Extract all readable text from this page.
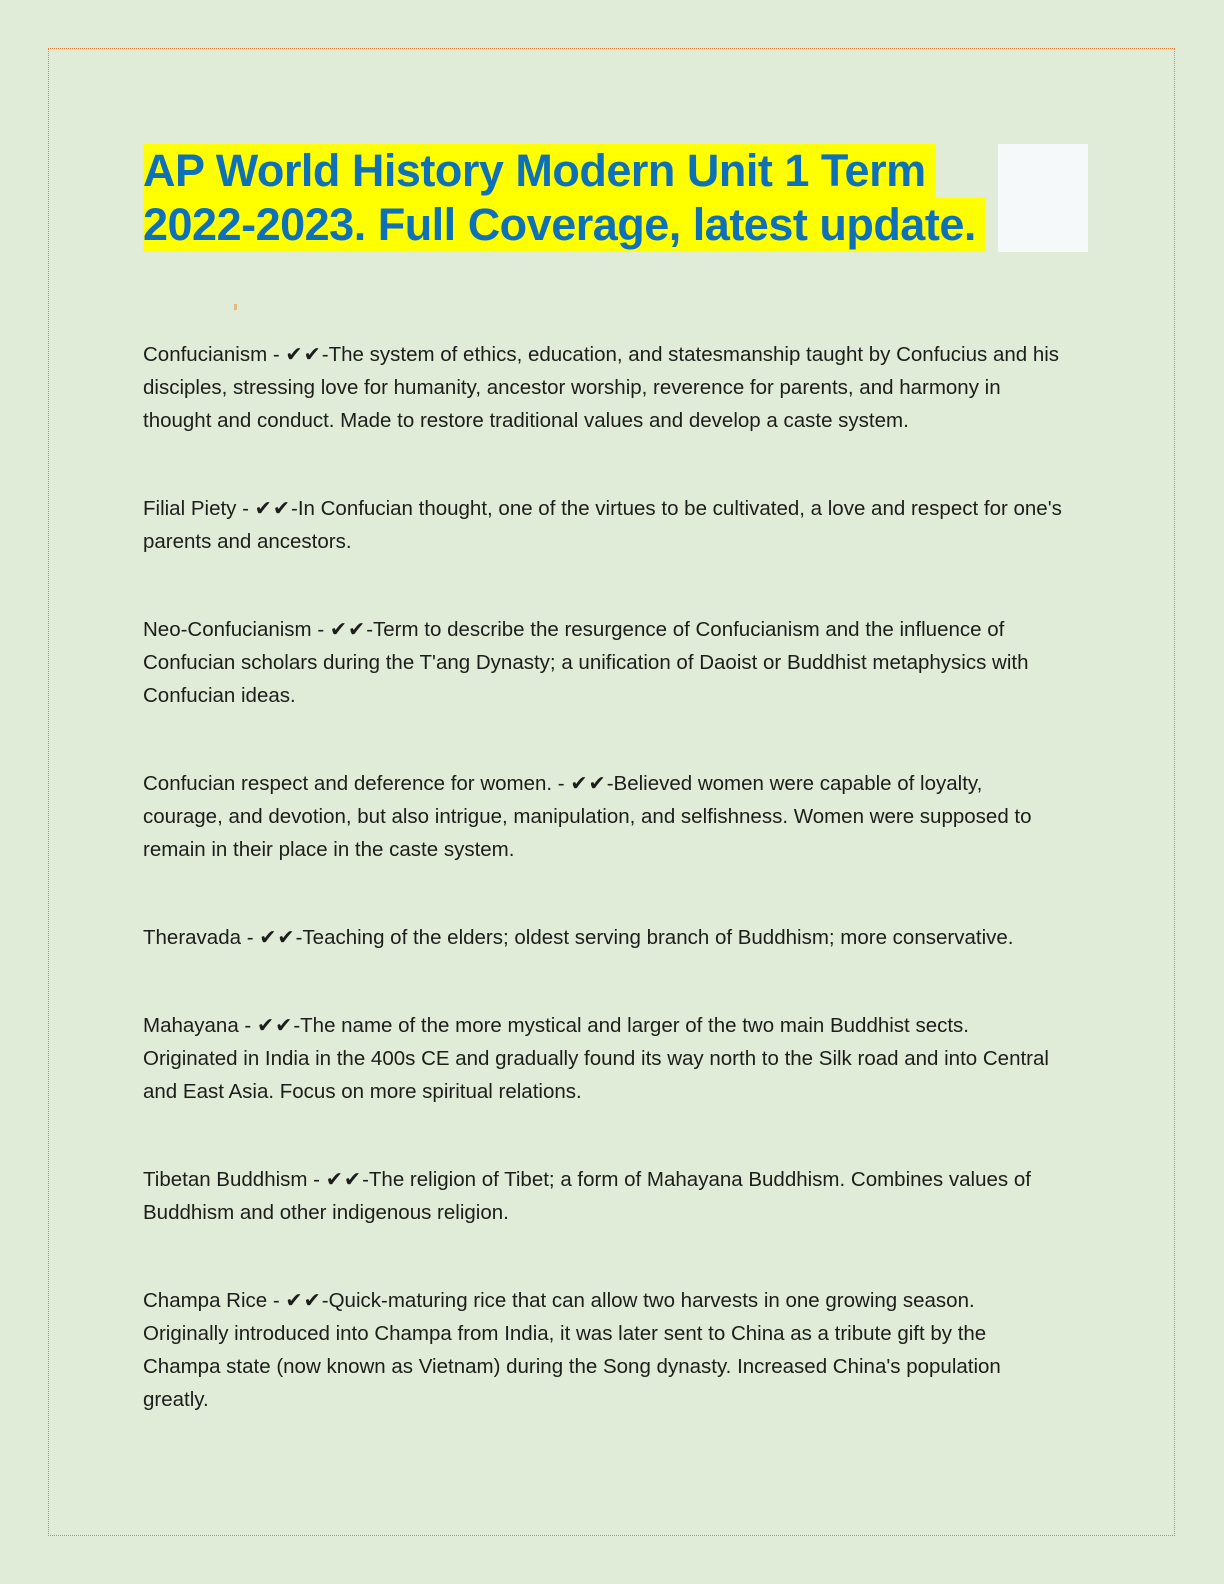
AP World History Modern Unit 1 Term
2022-2023. Full Coverage, latest update.

Confucianism - ✔✔-The system of ethics, education, and statesmanship taught by Confucius and his disciples, stressing love for humanity, ancestor worship, reverence for parents, and harmony in thought and conduct. Made to restore traditional values and develop a caste system.

Filial Piety - ✔✔-In Confucian thought, one of the virtues to be cultivated, a love and respect for one's parents and ancestors.

Neo-Confucianism - ✔✔-Term to describe the resurgence of Confucianism and the influence of Confucian scholars during the T'ang Dynasty; a unification of Daoist or Buddhist metaphysics with Confucian ideas.

Confucian respect and deference for women. - ✔✔-Believed women were capable of loyalty, courage, and devotion, but also intrigue, manipulation, and selfishness. Women were supposed to remain in their place in the caste system.

Theravada - ✔✔-Teaching of the elders; oldest serving branch of Buddhism; more conservative.

Mahayana - ✔✔-The name of the more mystical and larger of the two main Buddhist sects. Originated in India in the 400s CE and gradually found its way north to the Silk road and into Central and East Asia. Focus on more spiritual relations.

Tibetan Buddhism - ✔✔-The religion of Tibet; a form of Mahayana Buddhism. Combines values of Buddhism and other indigenous religion.

Champa Rice - ✔✔-Quick-maturing rice that can allow two harvests in one growing season. Originally introduced into Champa from India, it was later sent to China as a tribute gift by the Champa state (now known as Vietnam) during the Song dynasty. Increased China's population greatly.
